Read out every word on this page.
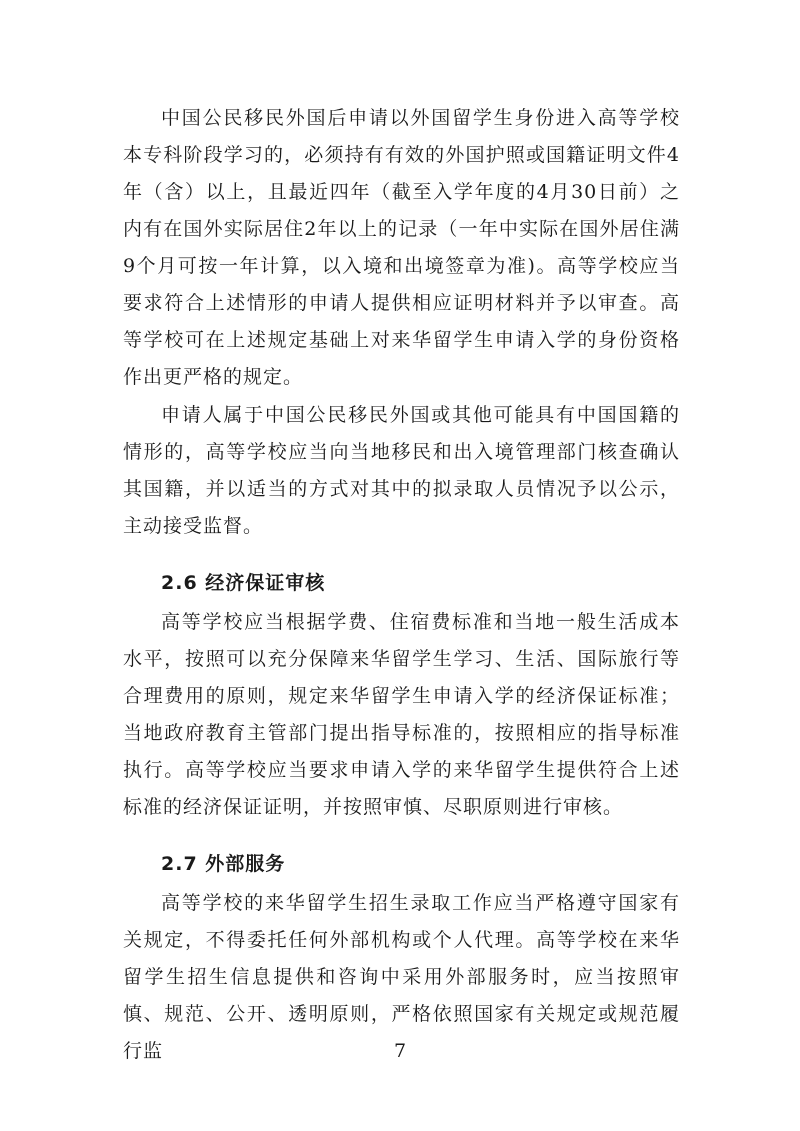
中国公民移民外国后申请以外国留学生身份进入高等学校本专科阶段学习的，必须持有有效的外国护照或国籍证明文件4年（含）以上，且最近四年（截至入学年度的4月30日前）之内有在国外实际居住2年以上的记录（一年中实际在国外居住满9个月可按一年计算，以入境和出境签章为准)。高等学校应当要求符合上述情形的申请人提供相应证明材料并予以审查。高等学校可在上述规定基础上对来华留学生申请入学的身份资格作出更严格的规定。

申请人属于中国公民移民外国或其他可能具有中国国籍的情形的，高等学校应当向当地移民和出入境管理部门核查确认其国籍，并以适当的方式对其中的拟录取人员情况予以公示，主动接受监督。

2.6 经济保证审核

高等学校应当根据学费、住宿费标准和当地一般生活成本水平，按照可以充分保障来华留学生学习、生活、国际旅行等合理费用的原则，规定来华留学生申请入学的经济保证标准；当地政府教育主管部门提出指导标准的，按照相应的指导标准执行。高等学校应当要求申请入学的来华留学生提供符合上述标准的经济保证证明，并按照审慎、尽职原则进行审核。

2.7 外部服务

高等学校的来华留学生招生录取工作应当严格遵守国家有关规定，不得委托任何外部机构或个人代理。高等学校在来华留学生招生信息提供和咨询中采用外部服务时，应当按照审慎、规范、公开、透明原则，严格依照国家有关规定或规范履行监	7
